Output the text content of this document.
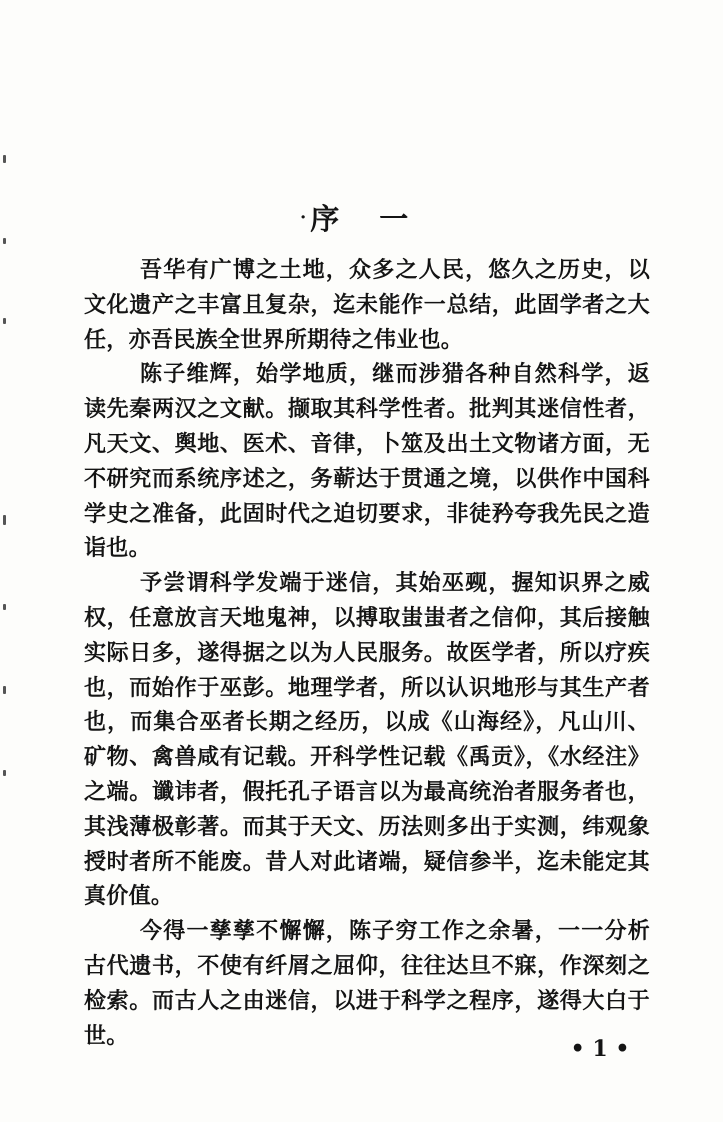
· 序 一

吾华有广博之土地，众多之人民，悠久之历史，以文化遗产之丰富且复杂，迄未能作一总结，此固学者之大任，亦吾民族全世界所期待之伟业也。

陈子维辉，始学地质，继而涉猎各种自然科学，返读先秦两汉之文献。撷取其科学性者。批判其迷信性者，凡天文、舆地、医术、音律，卜筮及出土文物诸方面，无不研究而系统序述之，务蕲达于贯通之境，以供作中国科学史之准备，此固时代之迫切要求，非徒矜夸我先民之造诣也。

予尝谓科学发端于迷信，其始巫觋，握知识界之威权，任意放言天地鬼神，以搏取蚩蚩者之信仰，其后接触实际日多，遂得据之以为人民服务。故医学者，所以疗疾也，而始作于巫彭。地理学者，所以认识地形与其生产者也，而集合巫者长期之经历，以成《山海经》，凡山川、矿物、禽兽咸有记载。开科学性记载《禹贡》，《水经注》之端。谶讳者，假托孔子语言以为最高统治者服务者也，其浅薄极彰著。而其于天文、历法则多出于实测，纬观象授时者所不能废。昔人对此诸端，疑信参半，迄未能定其真价值。

今得一孳孳不懈懈，陈子穷工作之余暑，一一分析古代遗书，不使有纤屑之屈仰，往往达旦不寐，作深刻之检索。而古人之由迷信，以进于科学之程序，遂得大白于世。

• 1 •
